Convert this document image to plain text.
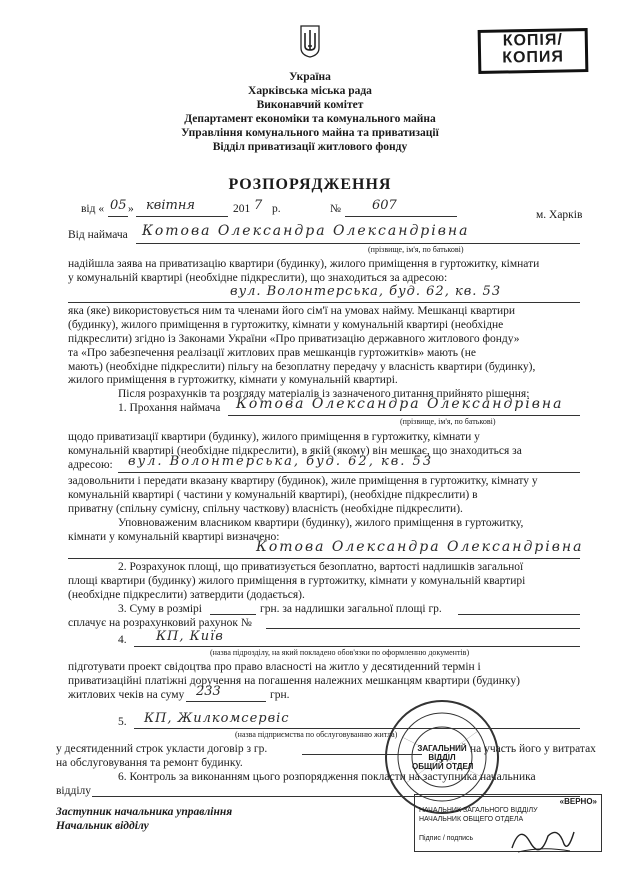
КОПІЯ/
КОПИЯ
Україна
Харківська міська рада
Виконавчий комітет
Департамент економіки та комунального майна
Управління комунального майна та приватизації
Відділ приватизації житлового фонду
РОЗПОРЯДЖЕННЯ
від « 05 » квітня	201 7 р.	№ 607
м. Харків
Від наймача Котова Олександра Олександрівна
(прізвище, ім'я, по батькові)
надійшла заява на приватизацію квартири (будинку), жилого приміщення в гуртожитку, кімнати
у комунальній квартирі (необхідне підкреслити), що знаходиться за адресою:
вул. Волонтерська, буд. 62, кв. 53
яка (яке) використовується ним та членами його сім'ї на умовах найму. Мешканці квартири
(будинку), жилого приміщення в гуртожитку, кімнати у комунальній квартирі (необхідне
підкреслити) згідно із Законами України «Про приватизацію державного житлового фонду»
та «Про забезпечення реалізації житлових прав мешканців гуртожитків» мають (не
мають) (необхідне підкреслити) пільгу на безоплатну передачу у власність квартири (будинку),
жилого приміщення в гуртожитку, кімнати у комунальній квартирі.
Після розрахунків та розгляду матеріалів із зазначеного питання прийнято рішення:
1. Прохання наймача Котова Олександра Олександрівна
(прізвище, ім'я, по батькові)
щодо приватизації квартири (будинку), жилого приміщення в гуртожитку, кімнати у
комунальній квартирі (необхідне підкреслити), в якій (якому) він мешкає, що знаходиться за
адресою: вул. Волонтерська, буд. 62, кв. 53
задовольнити і передати вказану квартиру (будинок), жиле приміщення в гуртожитку, кімнату у
комунальній квартирі ( частини у комунальній квартирі), (необхідне підкреслити) в
приватну (спільну сумісну, спільну часткову) власність (необхідне підкреслити).
Уповноваженим власником квартири (будинку), жилого приміщення в гуртожитку,
кімнати у комунальній квартирі визначено:
Котова Олександра Олександрівна
2. Розрахунок площі, що приватизується безоплатно, вартості надлишків загальної
площі квартири (будинку) жилого приміщення в гуртожитку, кімнати у комунальній квартирі
(необхідне підкреслити) затвердити (додається).
3. Суму в розмірі	грн. за надлишки загальної площі гр.
сплачує на розрахунковий рахунок №
4. КП, Київ
(назва підрозділу, на який покладено обов'язки по оформленню документів)
підготувати проект свідоцтва про право власності на житло у десятиденний термін і
приватизаційні платіжні доручення на погашення належних мешканцям квартири (будинку)
житлових чеків на суму 233	грн.
5. КП, Жилкомсервіс
(назва підприємства по обслуговуванню житла)
у десятиденний строк укласти договір з гр.	на участь його у витратах
на обслуговування та ремонт будинку.
6. Контроль за виконанням цього розпорядження покласти на заступника начальника
відділу
Заступник начальника управління
Начальник відділу
ЗАГАЛЬНИЙ
ВІДДІЛ
ОБЩИЙ ОТДЕЛ
«ВЕРНО»
НАЧАЛЬНИК ЗАГАЛЬНОГО ВІДДІЛУ
НАЧАЛЬНИК ОБЩЕГО ОТДЕЛА
Підпис / подпись
